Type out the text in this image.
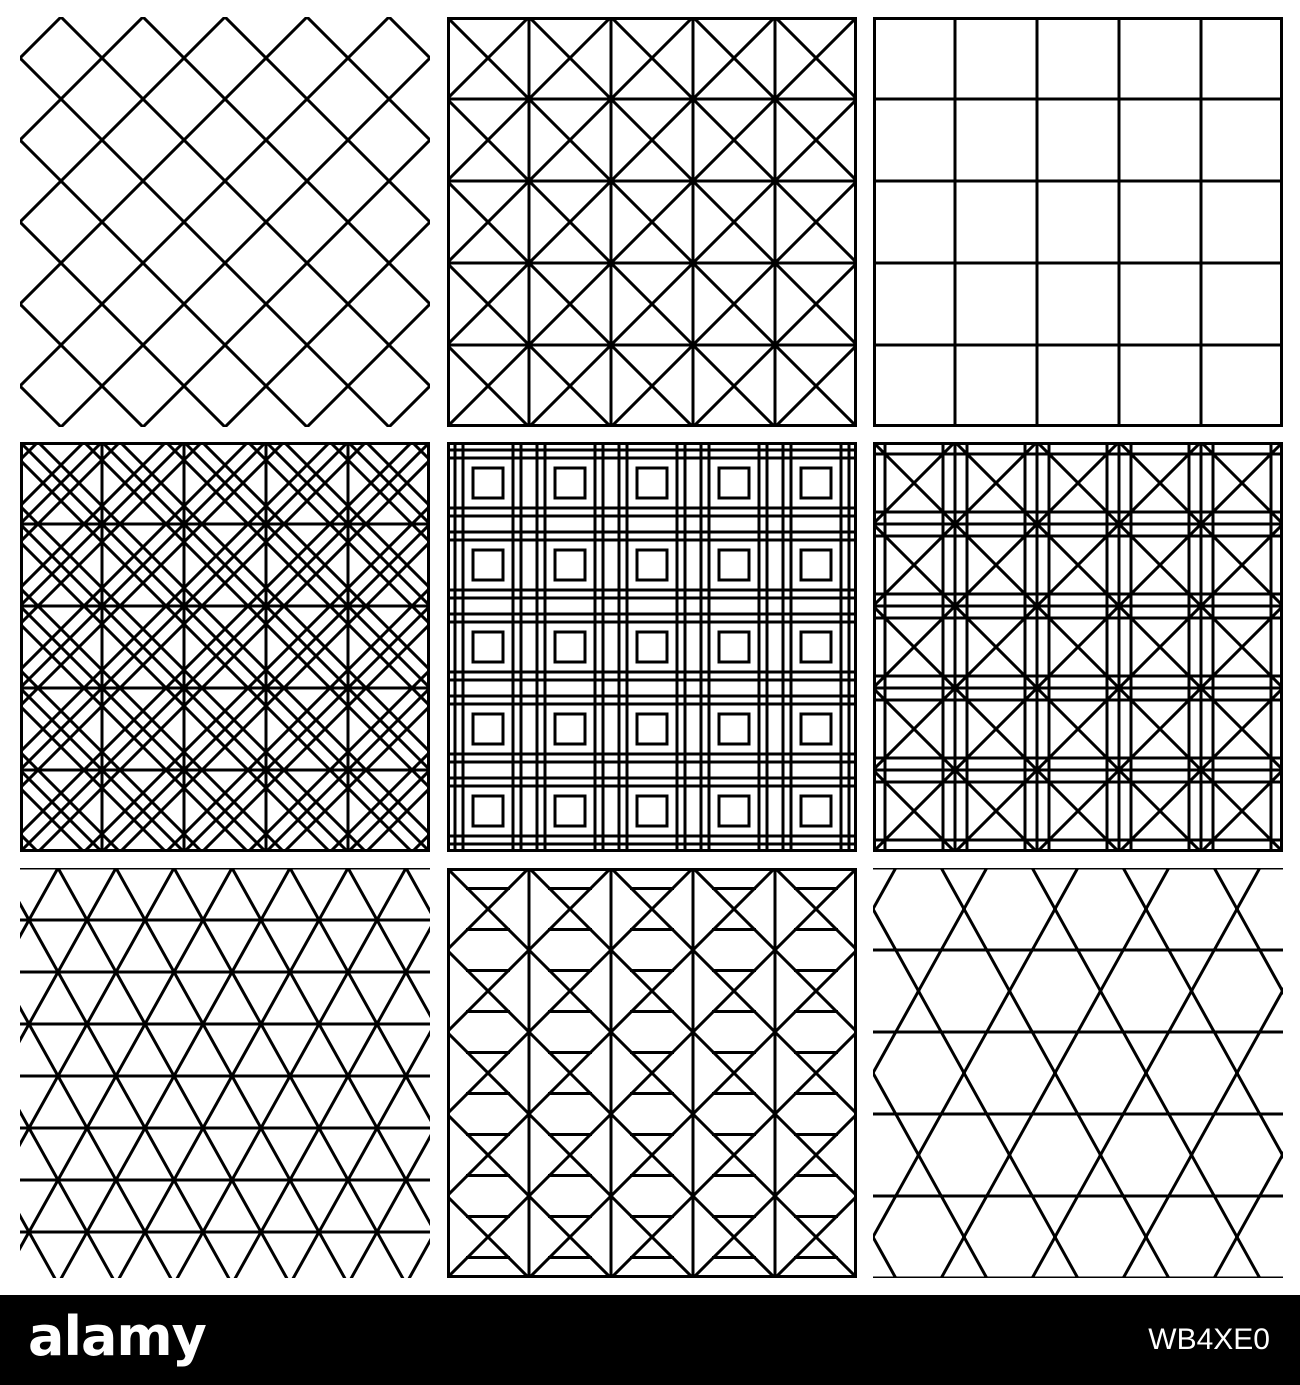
alamy	WB4XE0
